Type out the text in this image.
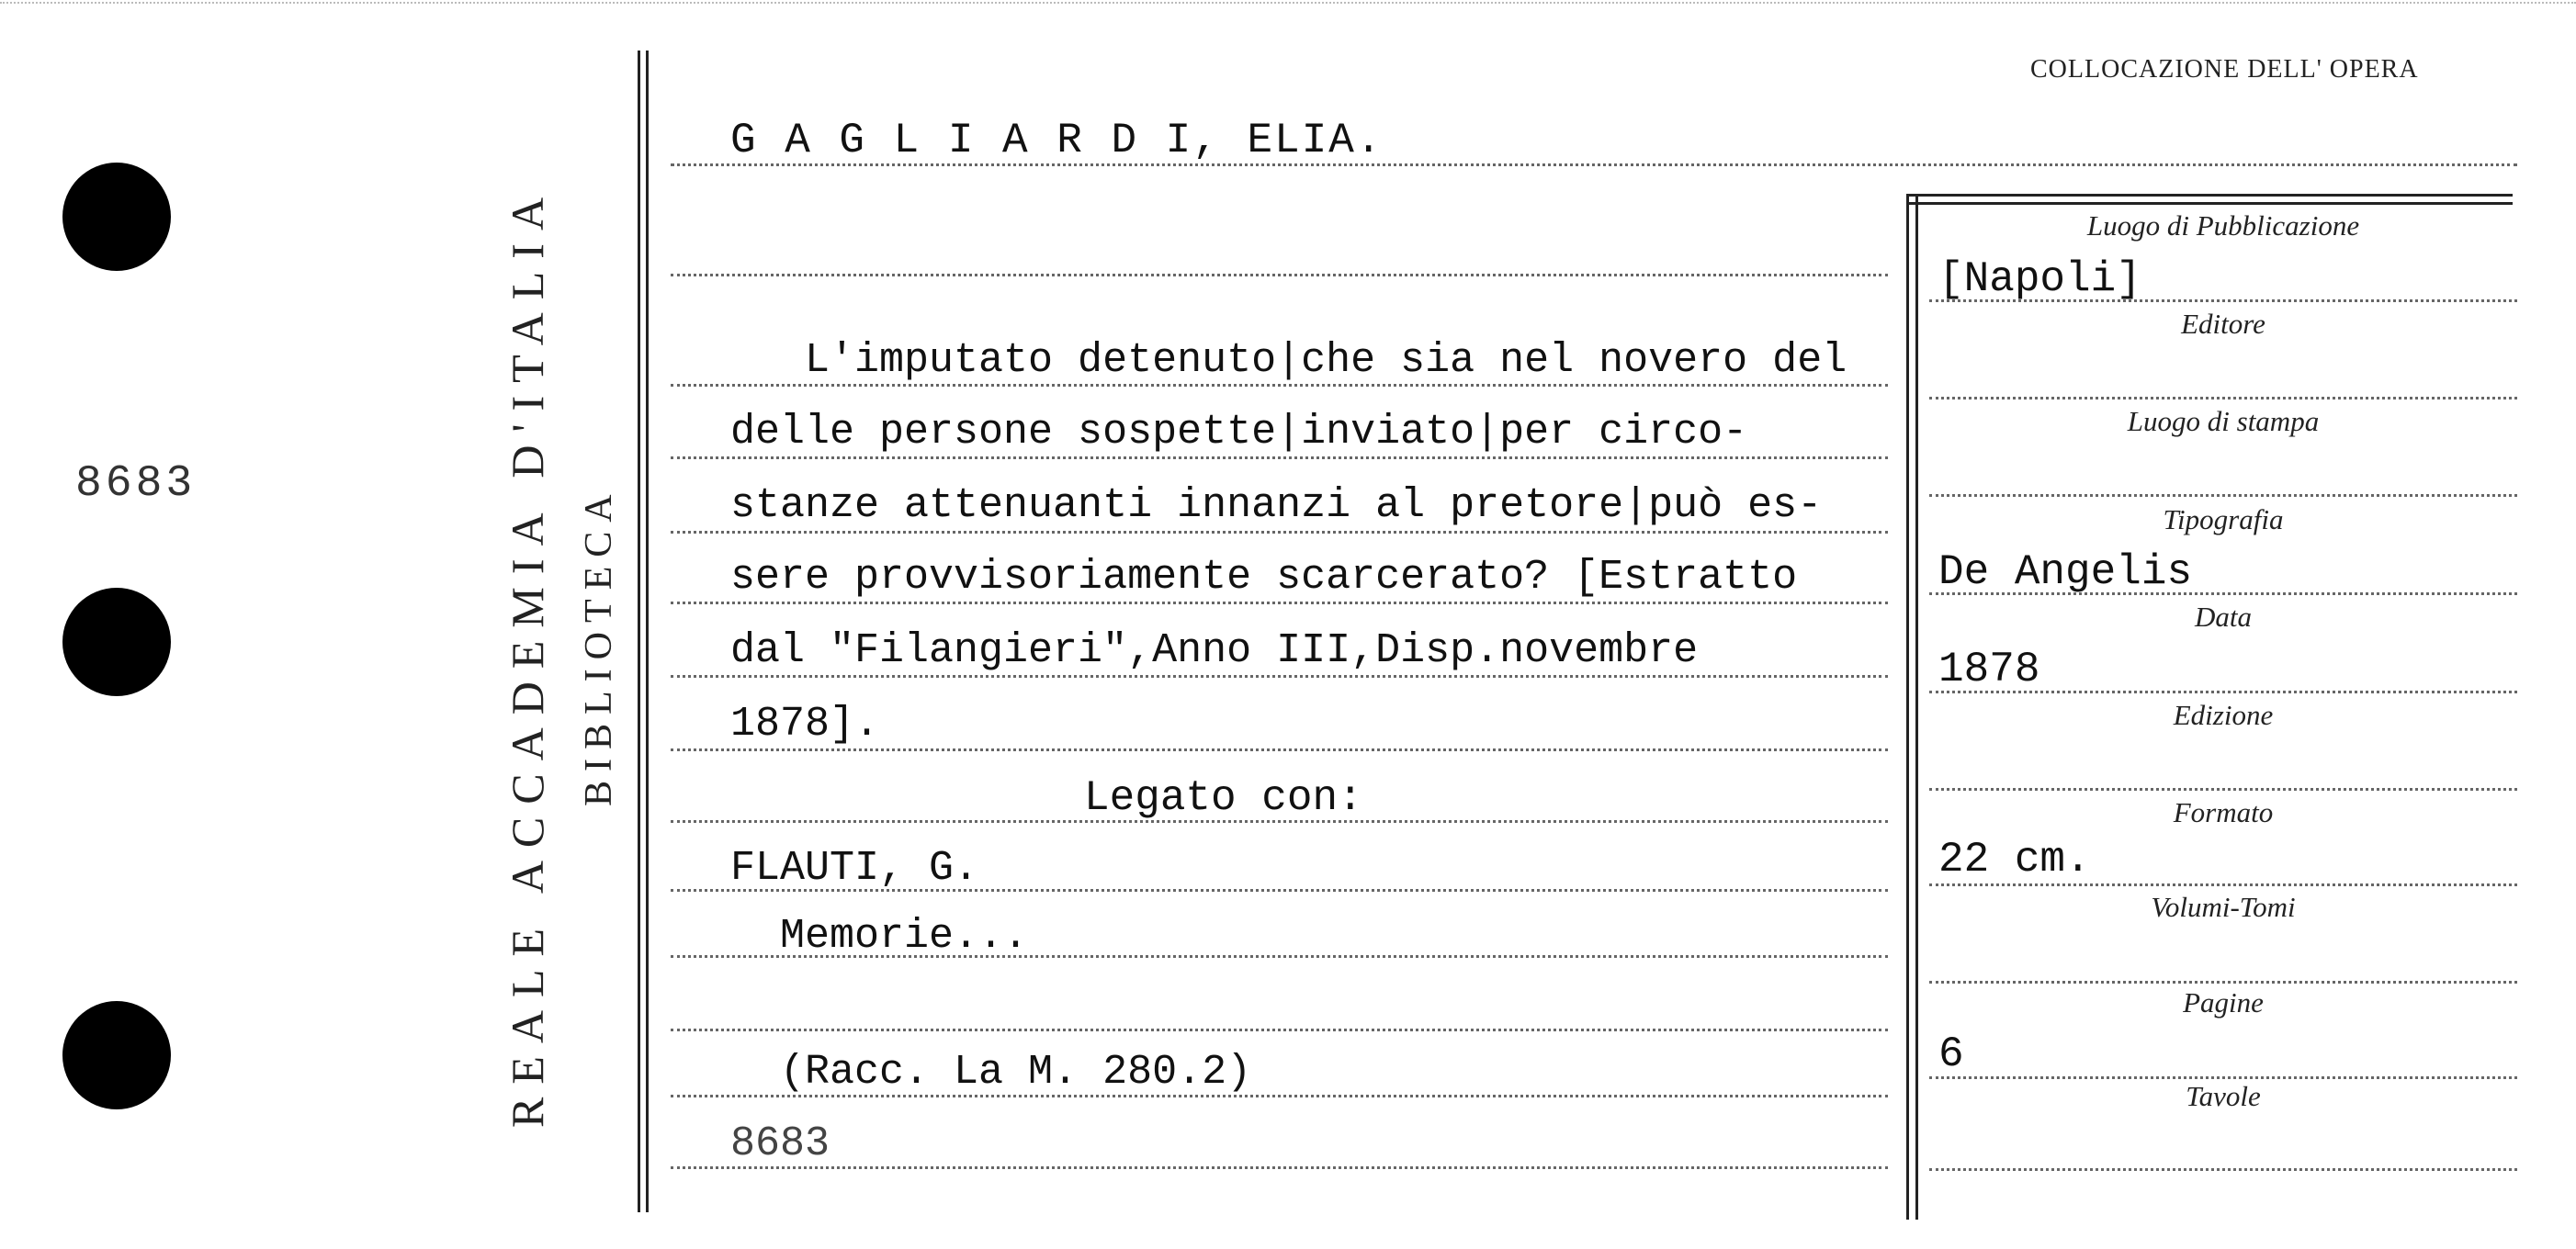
REALE ACCADEMIA D'ITALIA BIBLIOTECA
8683
COLLOCAZIONE DELL' OPERA
G A G L I A R D I, ELIA.
L'imputato detenuto|che sia nel novero del
delle persone sospette|inviato|per circo-
stanze attenuanti innanzi al pretore|può es-
sere provvisoriamente scarcerato? [Estratto
dal "Filangieri",Anno III,Disp.novembre
1878].
Legato con:
FLAUTI, G.
Memorie...
(Racc. La M. 280.2)
8683
Luogo di Pubblicazione
Editore
Luogo di stampa
Tipografia
Data
Edizione
Formato
Volumi-Tomi
Pagine
Tavole
[Napoli]
De Angelis
1878
22 cm.
6
